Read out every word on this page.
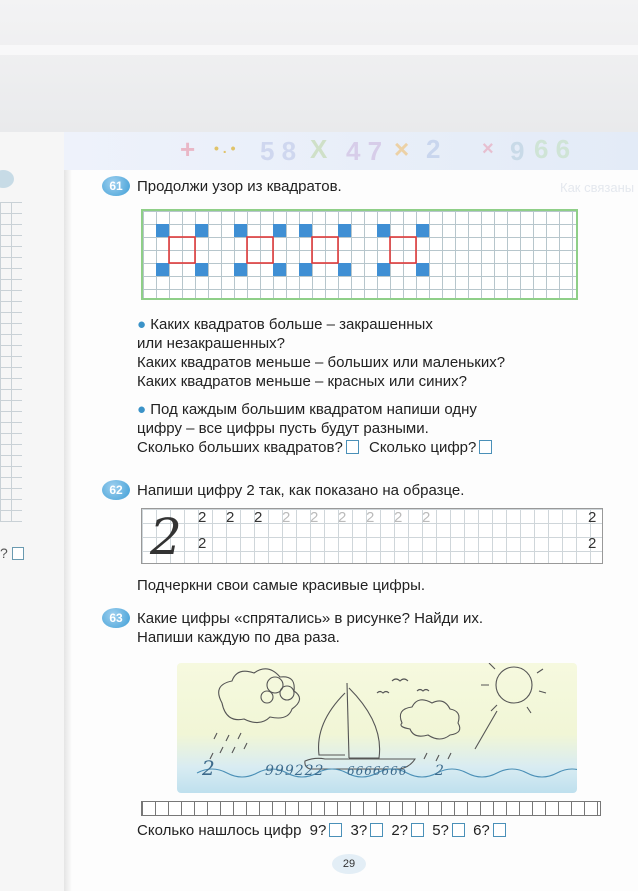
?
+ • . • 5 8 X 4 7 × 2 × 9 6 6
Как связаны
61 Продолжи узор из квадратов.
● Каких квадратов больше – закрашенных
или незакрашенных?
Каких квадратов меньше – больших или маленьких?
Каких квадратов меньше – красных или синих?
● Под каждым большим квадратом напиши одну
цифру – все цифры пусть будут разными.
Сколько больших квадратов? Сколько цифр?
62 Напиши цифру 2 так, как показано на образце.
2 2 2 2 2 2 2 2 2 2
2
2
2
Подчеркни свои самые красивые цифры.
63 Какие цифры «спрятались» в рисунке? Найди их.
Напиши каждую по два раза.
2	999222 6666666 2
Сколько нашлось цифр 9? 3? 2? 5? 6?
29
